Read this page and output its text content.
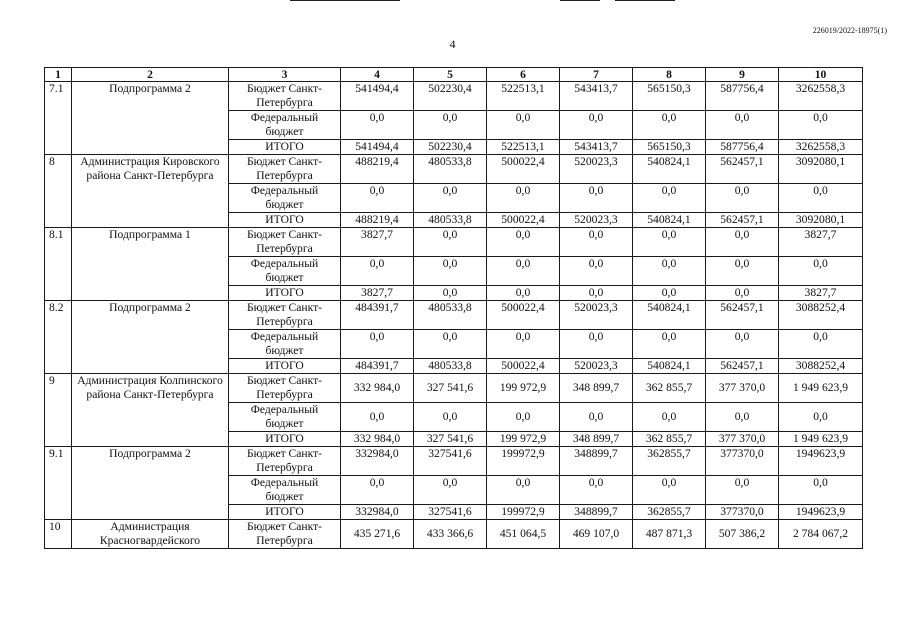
226019/2022-18975(1)
4
1	2	3	4	5	6	7	8	9	10
7.1	Подпрограмма 2	Бюджет Санкт-Петербурга	541494,4	502230,4	522513,1	543413,7	565150,3	587756,4	3262558,3
		Федеральный бюджет	0,0	0,0	0,0	0,0	0,0	0,0	0,0
		ИТОГО	541494,4	502230,4	522513,1	543413,7	565150,3	587756,4	3262558,3
8	Администрация Кировского района Санкт-Петербурга	Бюджет Санкт-Петербурга	488219,4	480533,8	500022,4	520023,3	540824,1	562457,1	3092080,1
		Федеральный бюджет	0,0	0,0	0,0	0,0	0,0	0,0	0,0
		ИТОГО	488219,4	480533,8	500022,4	520023,3	540824,1	562457,1	3092080,1
8.1	Подпрограмма 1	Бюджет Санкт-Петербурга	3827,7	0,0	0,0	0,0	0,0	0,0	3827,7
		Федеральный бюджет	0,0	0,0	0,0	0,0	0,0	0,0	0,0
		ИТОГО	3827,7	0,0	0,0	0,0	0,0	0,0	3827,7
8.2	Подпрограмма 2	Бюджет Санкт-Петербурга	484391,7	480533,8	500022,4	520023,3	540824,1	562457,1	3088252,4
		Федеральный бюджет	0,0	0,0	0,0	0,0	0,0	0,0	0,0
		ИТОГО	484391,7	480533,8	500022,4	520023,3	540824,1	562457,1	3088252,4
9	Администрация Колпинского района Санкт-Петербурга	Бюджет Санкт-Петербурга	332 984,0	327 541,6	199 972,9	348 899,7	362 855,7	377 370,0	1 949 623,9
		Федеральный бюджет	0,0	0,0	0,0	0,0	0,0	0,0	0,0
		ИТОГО	332 984,0	327 541,6	199 972,9	348 899,7	362 855,7	377 370,0	1 949 623,9
9.1	Подпрограмма 2	Бюджет Санкт-Петербурга	332984,0	327541,6	199972,9	348899,7	362855,7	377370,0	1949623,9
		Федеральный бюджет	0,0	0,0	0,0	0,0	0,0	0,0	0,0
		ИТОГО	332984,0	327541,6	199972,9	348899,7	362855,7	377370,0	1949623,9
10	Администрация Красногвардейского	Бюджет Санкт-Петербурга	435 271,6	433 366,6	451 064,5	469 107,0	487 871,3	507 386,2	2 784 067,2
